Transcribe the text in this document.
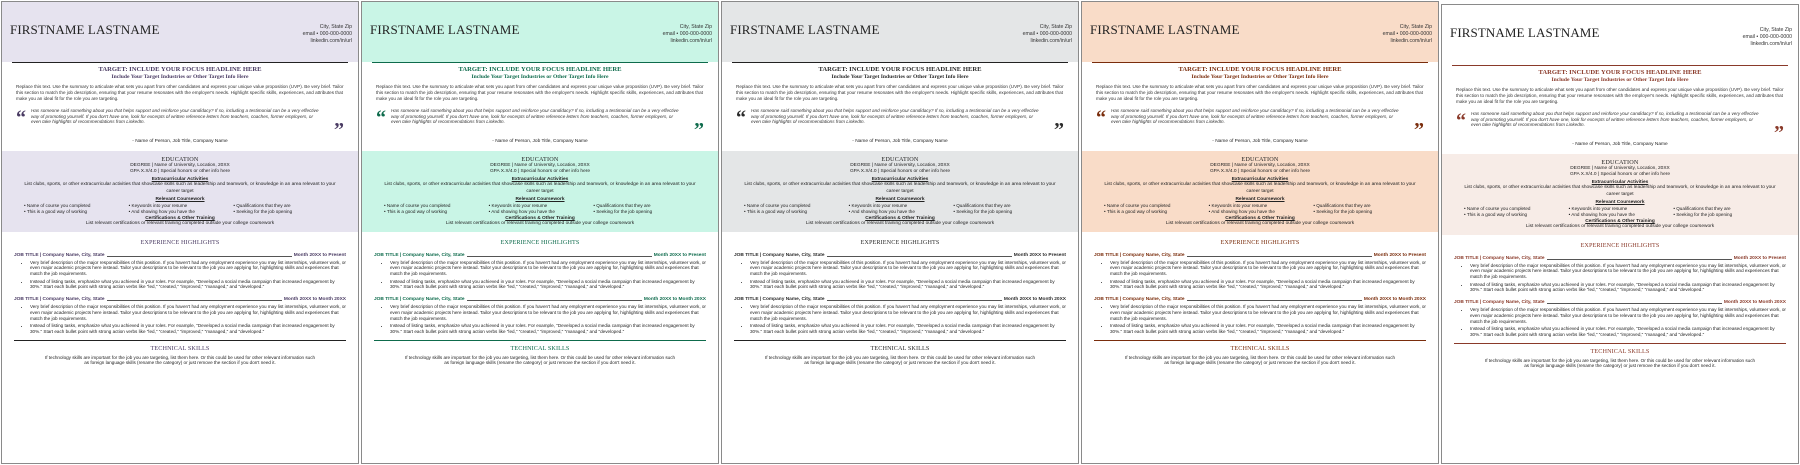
FIRSTNAME LASTNAME	City, State Zip
email • 000-000-0000
linkedin.com/in/url
TARGET: INCLUDE YOUR FOCUS HEADLINE HERE
Include Your Target Industries or Other Target Info Here
Replace this text. Use the summary to articulate what sets you apart from other candidates and express your unique value proposition (UVP). Be very brief. Tailor this section to match the job description, ensuring that your resume resonates with the employer's needs. Highlight specific skills, experiences, and attributes that make you an ideal fit for the role you are targeting.
“ Has someone said something about you that helps support and reinforce your candidacy? If so, including a testimonial can be a very effective way of promoting yourself. If you don't have one, look for excerpts of written reference letters from teachers, coaches, former employers, or even take highlights of recommendations from LinkedIn.	”
- Name of Person, Job Title, Company Name
EDUCATION
DEGREE | Name of University, Location, 20XX
GPA X.X/4.0 | Special honors or other info here
Extracurricular Activities
List clubs, sports, or other extracurricular activities that showcase skills such as leadership and teamwork, or knowledge in an area relevant to your career target
Relevant Coursework
• Name of course you completed	• Keywords into your resume	• Qualifications that they are
• This is a good way of working	• And showing how you have the	• Seeking for the job opening
Certifications & Other Training
List relevant certifications or relevant training completed outside your college coursework
EXPERIENCE HIGHLIGHTS
JOB TITLE | Company Name, City, State	Month 20XX to Present
• Very brief description of the major responsibilities of this position. If you haven't had any employment experience you may list internships, volunteer work, or even major academic projects here instead. Tailor your descriptions to be relevant to the job you are applying for, highlighting skills and experiences that match the job requirements.
• Instead of listing tasks, emphasize what you achieved in your roles. For example, "Developed a social media campaign that increased engagement by 30%." Start each bullet point with strong action verbs like "led," "created," "improved," "managed," and "developed."
JOB TITLE | Company Name, City, State	Month 20XX to Month 20XX
• Very brief description of the major responsibilities of this position. If you haven't had any employment experience you may list internships, volunteer work, or even major academic projects here instead. Tailor your descriptions to be relevant to the job you are applying for, highlighting skills and experiences that match the job requirements.
• Instead of listing tasks, emphasize what you achieved in your roles. For example, "Developed a social media campaign that increased engagement by 30%." Start each bullet point with strong action verbs like "led," "created," "improved," "managed," and "developed."
TECHNICAL SKILLS
If technology skills are important for the job you are targeting, list them here. Or this could be used for other relevant information such as foreign language skills (rename the category) or just remove the section if you don't need it.
FIRSTNAME LASTNAME	City, State Zip
email • 000-000-0000
linkedin.com/in/url
TARGET: INCLUDE YOUR FOCUS HEADLINE HERE
Include Your Target Industries or Other Target Info Here
Replace this text. Use the summary to articulate what sets you apart from other candidates and express your unique value proposition (UVP). Be very brief. Tailor this section to match the job description, ensuring that your resume resonates with the employer's needs. Highlight specific skills, experiences, and attributes that make you an ideal fit for the role you are targeting.
“ Has someone said something about you that helps support and reinforce your candidacy? If so, including a testimonial can be a very effective way of promoting yourself. If you don't have one, look for excerpts of written reference letters from teachers, coaches, former employers, or even take highlights of recommendations from LinkedIn.	”
- Name of Person, Job Title, Company Name
EDUCATION
DEGREE | Name of University, Location, 20XX
GPA X.X/4.0 | Special honors or other info here
Extracurricular Activities
List clubs, sports, or other extracurricular activities that showcase skills such as leadership and teamwork, or knowledge in an area relevant to your career target
Relevant Coursework
• Name of course you completed	• Keywords into your resume	• Qualifications that they are
• This is a good way of working	• And showing how you have the	• Seeking for the job opening
Certifications & Other Training
List relevant certifications or relevant training completed outside your college coursework
EXPERIENCE HIGHLIGHTS
JOB TITLE | Company Name, City, State	Month 20XX to Present
• Very brief description of the major responsibilities of this position. If you haven't had any employment experience you may list internships, volunteer work, or even major academic projects here instead. Tailor your descriptions to be relevant to the job you are applying for, highlighting skills and experiences that match the job requirements.
• Instead of listing tasks, emphasize what you achieved in your roles. For example, "Developed a social media campaign that increased engagement by 30%." Start each bullet point with strong action verbs like "led," "created," "improved," "managed," and "developed."
JOB TITLE | Company Name, City, State	Month 20XX to Month 20XX
• Very brief description of the major responsibilities of this position. If you haven't had any employment experience you may list internships, volunteer work, or even major academic projects here instead. Tailor your descriptions to be relevant to the job you are applying for, highlighting skills and experiences that match the job requirements.
• Instead of listing tasks, emphasize what you achieved in your roles. For example, "Developed a social media campaign that increased engagement by 30%." Start each bullet point with strong action verbs like "led," "created," "improved," "managed," and "developed."
TECHNICAL SKILLS
If technology skills are important for the job you are targeting, list them here. Or this could be used for other relevant information such as foreign language skills (rename the category) or just remove the section if you don't need it.
FIRSTNAME LASTNAME	City, State Zip
email • 000-000-0000
linkedin.com/in/url
TARGET: INCLUDE YOUR FOCUS HEADLINE HERE
Include Your Target Industries or Other Target Info Here
Replace this text. Use the summary to articulate what sets you apart from other candidates and express your unique value proposition (UVP). Be very brief. Tailor this section to match the job description, ensuring that your resume resonates with the employer's needs. Highlight specific skills, experiences, and attributes that make you an ideal fit for the role you are targeting.
“ Has someone said something about you that helps support and reinforce your candidacy? If so, including a testimonial can be a very effective way of promoting yourself. If you don't have one, look for excerpts of written reference letters from teachers, coaches, former employers, or even take highlights of recommendations from LinkedIn.	”
- Name of Person, Job Title, Company Name
EDUCATION
DEGREE | Name of University, Location, 20XX
GPA X.X/4.0 | Special honors or other info here
Extracurricular Activities
List clubs, sports, or other extracurricular activities that showcase skills such as leadership and teamwork, or knowledge in an area relevant to your career target
Relevant Coursework
• Name of course you completed	• Keywords into your resume	• Qualifications that they are
• This is a good way of working	• And showing how you have the	• Seeking for the job opening
Certifications & Other Training
List relevant certifications or relevant training completed outside your college coursework
EXPERIENCE HIGHLIGHTS
JOB TITLE | Company Name, City, State	Month 20XX to Present
• Very brief description of the major responsibilities of this position. If you haven't had any employment experience you may list internships, volunteer work, or even major academic projects here instead. Tailor your descriptions to be relevant to the job you are applying for, highlighting skills and experiences that match the job requirements.
• Instead of listing tasks, emphasize what you achieved in your roles. For example, "Developed a social media campaign that increased engagement by 30%." Start each bullet point with strong action verbs like "led," "created," "improved," "managed," and "developed."
JOB TITLE | Company Name, City, State	Month 20XX to Month 20XX
• Very brief description of the major responsibilities of this position. If you haven't had any employment experience you may list internships, volunteer work, or even major academic projects here instead. Tailor your descriptions to be relevant to the job you are applying for, highlighting skills and experiences that match the job requirements.
• Instead of listing tasks, emphasize what you achieved in your roles. For example, "Developed a social media campaign that increased engagement by 30%." Start each bullet point with strong action verbs like "led," "created," "improved," "managed," and "developed."
TECHNICAL SKILLS
If technology skills are important for the job you are targeting, list them here. Or this could be used for other relevant information such as foreign language skills (rename the category) or just remove the section if you don't need it.
FIRSTNAME LASTNAME	City, State Zip
email • 000-000-0000
linkedin.com/in/url
TARGET: INCLUDE YOUR FOCUS HEADLINE HERE
Include Your Target Industries or Other Target Info Here
Replace this text. Use the summary to articulate what sets you apart from other candidates and express your unique value proposition (UVP). Be very brief. Tailor this section to match the job description, ensuring that your resume resonates with the employer's needs. Highlight specific skills, experiences, and attributes that make you an ideal fit for the role you are targeting.
“ Has someone said something about you that helps support and reinforce your candidacy? If so, including a testimonial can be a very effective way of promoting yourself. If you don't have one, look for excerpts of written reference letters from teachers, coaches, former employers, or even take highlights of recommendations from LinkedIn.	”
- Name of Person, Job Title, Company Name
EDUCATION
DEGREE | Name of University, Location, 20XX
GPA X.X/4.0 | Special honors or other info here
Extracurricular Activities
List clubs, sports, or other extracurricular activities that showcase skills such as leadership and teamwork, or knowledge in an area relevant to your career target
Relevant Coursework
• Name of course you completed	• Keywords into your resume	• Qualifications that they are
• This is a good way of working	• And showing how you have the	• Seeking for the job opening
Certifications & Other Training
List relevant certifications or relevant training completed outside your college coursework
EXPERIENCE HIGHLIGHTS
JOB TITLE | Company Name, City, State	Month 20XX to Present
• Very brief description of the major responsibilities of this position. If you haven't had any employment experience you may list internships, volunteer work, or even major academic projects here instead. Tailor your descriptions to be relevant to the job you are applying for, highlighting skills and experiences that match the job requirements.
• Instead of listing tasks, emphasize what you achieved in your roles. For example, "Developed a social media campaign that increased engagement by 30%." Start each bullet point with strong action verbs like "led," "created," "improved," "managed," and "developed."
JOB TITLE | Company Name, City, State	Month 20XX to Month 20XX
• Very brief description of the major responsibilities of this position. If you haven't had any employment experience you may list internships, volunteer work, or even major academic projects here instead. Tailor your descriptions to be relevant to the job you are applying for, highlighting skills and experiences that match the job requirements.
• Instead of listing tasks, emphasize what you achieved in your roles. For example, "Developed a social media campaign that increased engagement by 30%." Start each bullet point with strong action verbs like "led," "created," "improved," "managed," and "developed."
TECHNICAL SKILLS
If technology skills are important for the job you are targeting, list them here. Or this could be used for other relevant information such as foreign language skills (rename the category) or just remove the section if you don't need it.
FIRSTNAME LASTNAME	City, State Zip
email • 000-000-0000
linkedin.com/in/url
TARGET: INCLUDE YOUR FOCUS HEADLINE HERE
Include Your Target Industries or Other Target Info Here
Replace this text. Use the summary to articulate what sets you apart from other candidates and express your unique value proposition (UVP). Be very brief. Tailor this section to match the job description, ensuring that your resume resonates with the employer's needs. Highlight specific skills, experiences, and attributes that make you an ideal fit for the role you are targeting.
“ Has someone said something about you that helps support and reinforce your candidacy? If so, including a testimonial can be a very effective way of promoting yourself. If you don't have one, look for excerpts of written reference letters from teachers, coaches, former employers, or even take highlights of recommendations from LinkedIn.	”
- Name of Person, Job Title, Company Name
EDUCATION
DEGREE | Name of University, Location, 20XX
GPA X.X/4.0 | Special honors or other info here
Extracurricular Activities
List clubs, sports, or other extracurricular activities that showcase skills such as leadership and teamwork, or knowledge in an area relevant to your career target
Relevant Coursework
• Name of course you completed	• Keywords into your resume	• Qualifications that they are
• This is a good way of working	• And showing how you have the	• Seeking for the job opening
Certifications & Other Training
List relevant certifications or relevant training completed outside your college coursework
EXPERIENCE HIGHLIGHTS
JOB TITLE | Company Name, City, State	Month 20XX to Present
• Very brief description of the major responsibilities of this position. If you haven't had any employment experience you may list internships, volunteer work, or even major academic projects here instead. Tailor your descriptions to be relevant to the job you are applying for, highlighting skills and experiences that match the job requirements.
• Instead of listing tasks, emphasize what you achieved in your roles. For example, "Developed a social media campaign that increased engagement by 30%." Start each bullet point with strong action verbs like "led," "created," "improved," "managed," and "developed."
JOB TITLE | Company Name, City, State	Month 20XX to Month 20XX
• Very brief description of the major responsibilities of this position. If you haven't had any employment experience you may list internships, volunteer work, or even major academic projects here instead. Tailor your descriptions to be relevant to the job you are applying for, highlighting skills and experiences that match the job requirements.
• Instead of listing tasks, emphasize what you achieved in your roles. For example, "Developed a social media campaign that increased engagement by 30%." Start each bullet point with strong action verbs like "led," "created," "improved," "managed," and "developed."
TECHNICAL SKILLS
If technology skills are important for the job you are targeting, list them here. Or this could be used for other relevant information such as foreign language skills (rename the category) or just remove the section if you don't need it.
